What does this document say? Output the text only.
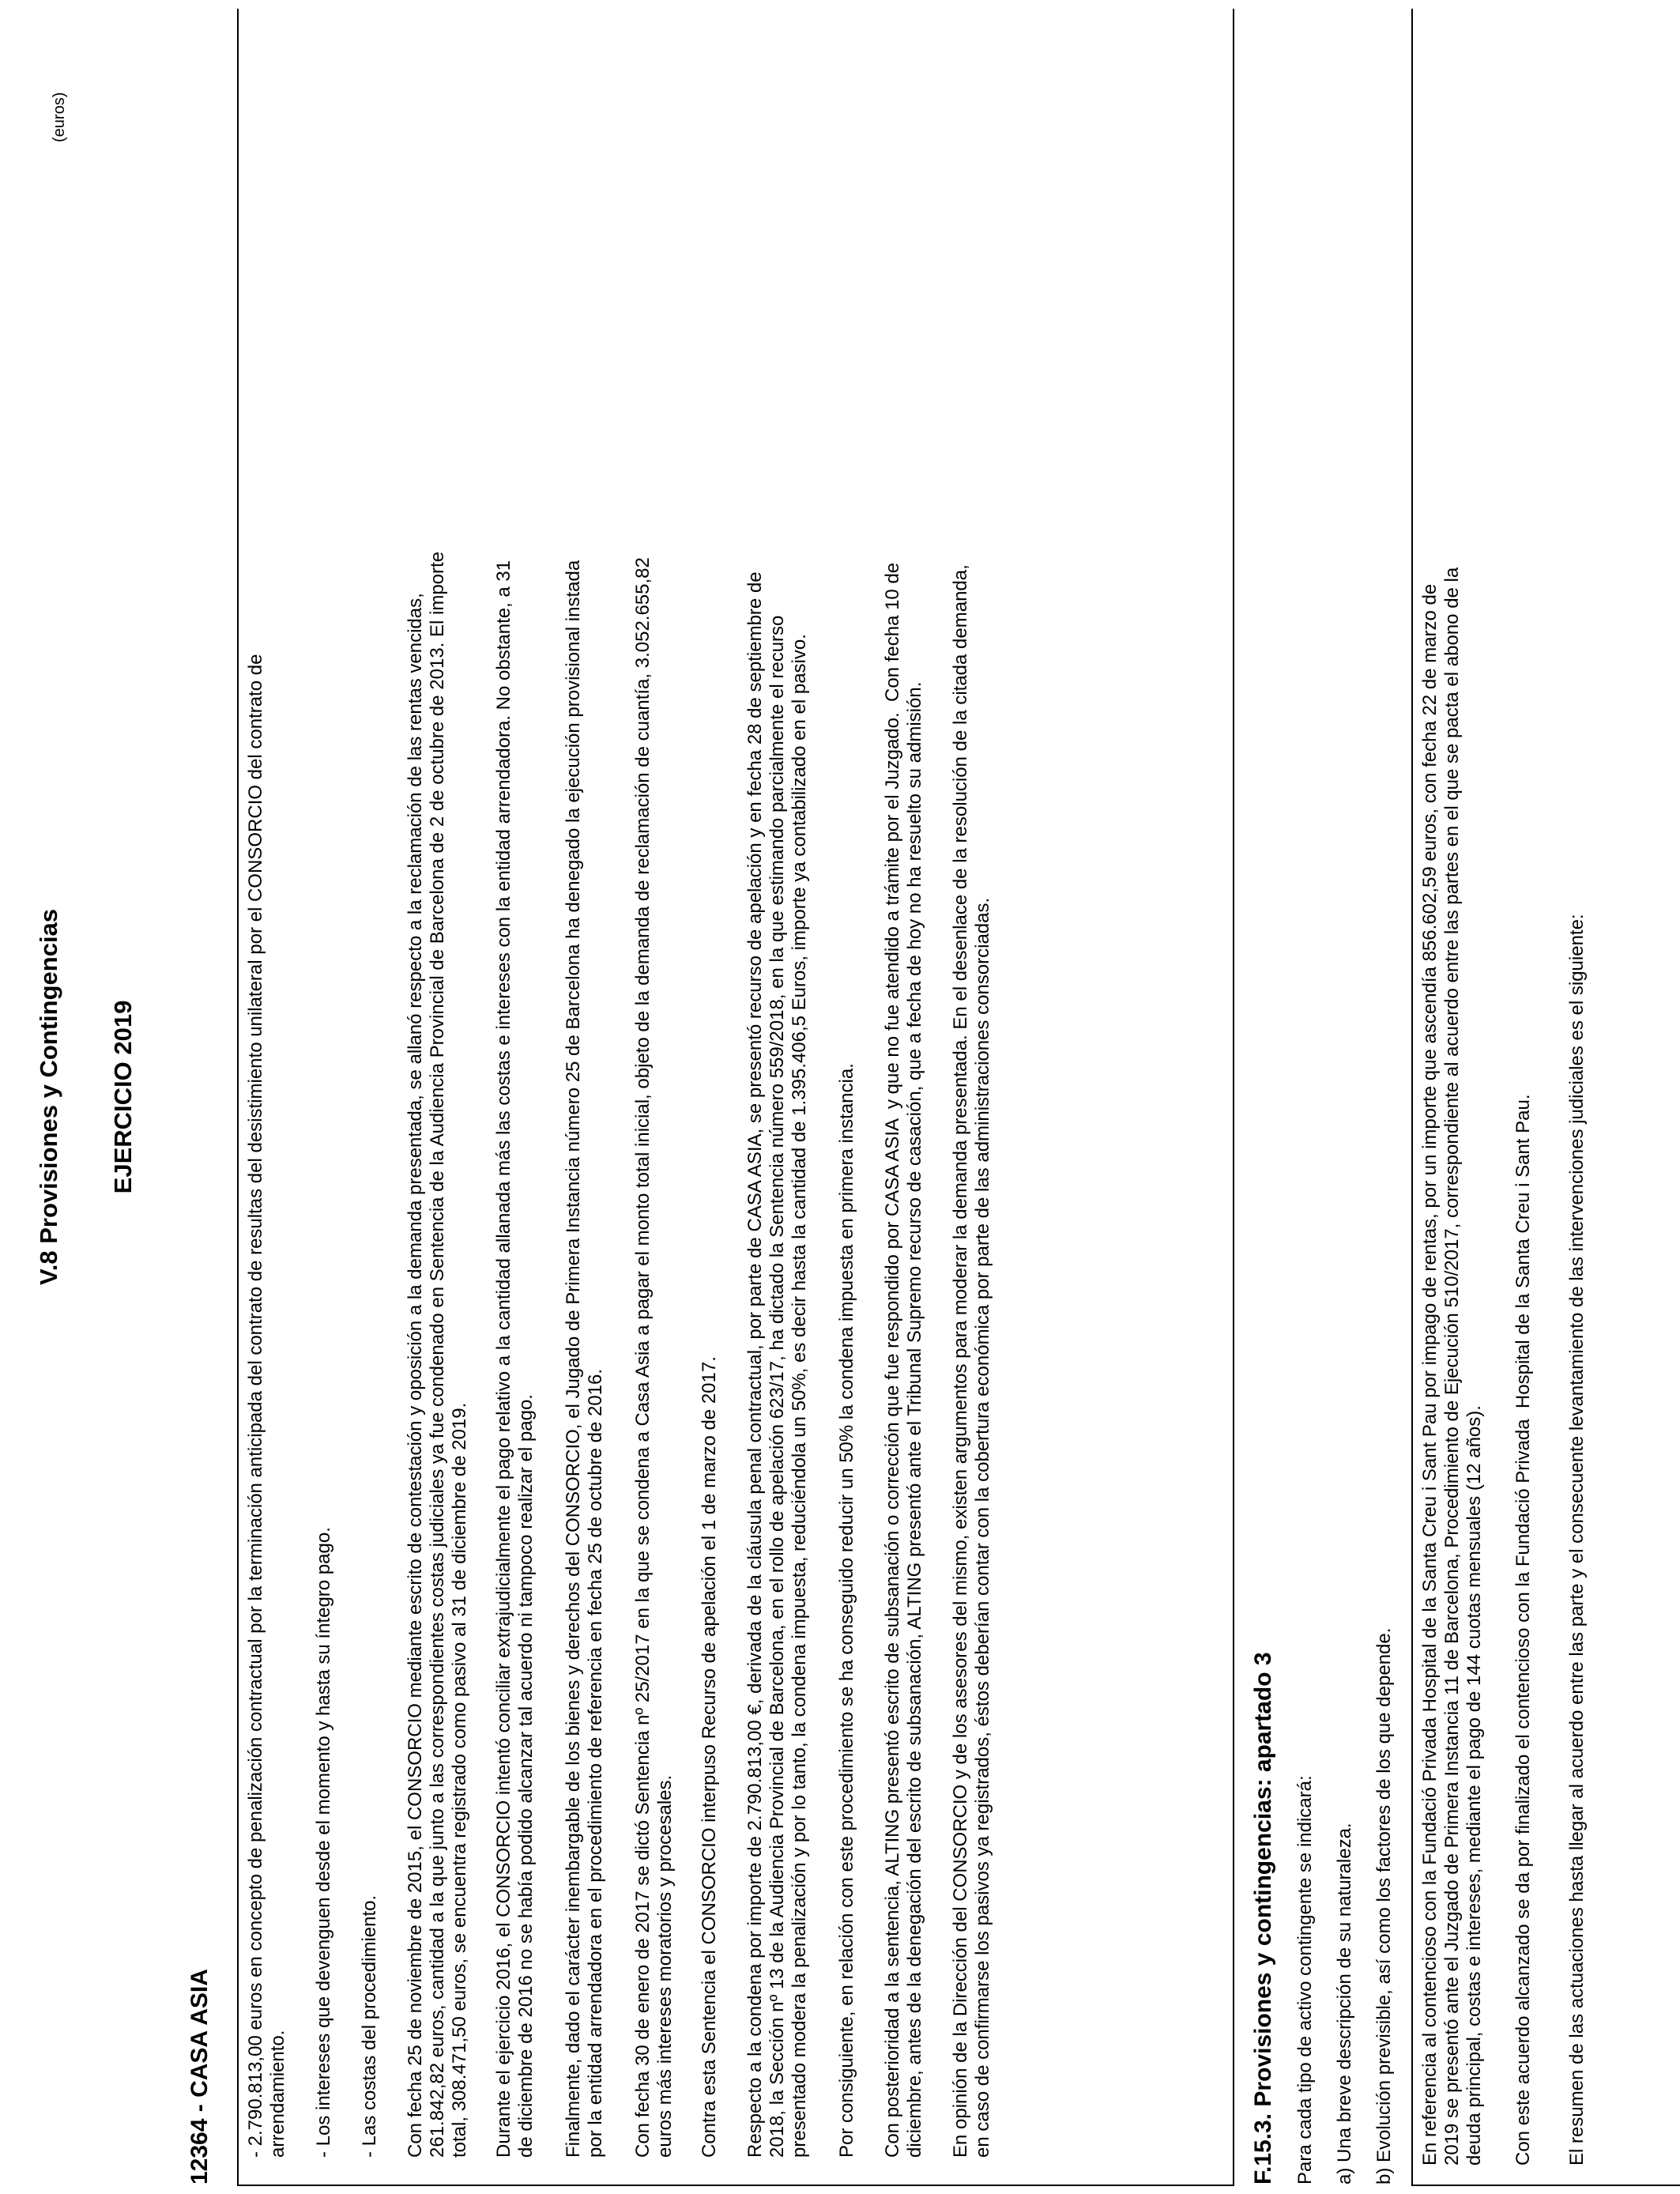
V.8 Provisiones y Contingencias EJERCICIO 2019
(euros)
12364 - CASA ASIA - 2.790.813,00 euros en concepto de penalización contractual por la terminación anticipada del contrato de resultas del desistimiento unilateral por el CONSORCIO del contrato de
arrendamiento. - Los intereses que devenguen desde el momento y hasta su íntegro pago. - Las costas del procedimiento. Con fecha 25 de noviembre de 2015, el CONSORCIO mediante escrito de contestación y oposición a la demanda presentada, se allanó respecto a la reclamación de las rentas vencidas,
261.842,82 euros, cantidad a la que junto a las correspondientes costas judiciales ya fue condenado en Sentencia de la Audiencia Provincial de Barcelona de 2 de octubre de 2013. El importe
total, 308.471,50 euros, se encuentra registrado como pasivo al 31 de diciembre de 2019. Durante el ejercicio 2016, el CONSORCIO intentó conciliar extrajudicialmente el pago relativo a la cantidad allanada más las costas e intereses con la entidad arrendadora. No obstante, a 31
de diciembre de 2016 no se había podido alcanzar tal acuerdo ni tampoco realizar el pago. Finalmente, dado el carácter inembargable de los bienes y derechos del CONSORCIO, el Jugado de Primera Instancia número 25 de Barcelona ha denegado la ejecución provisional instada
por la entidad arrendadora en el procedimiento de referencia en fecha 25 de octubre de 2016. Con fecha 30 de enero de 2017 se dictó Sentencia nº 25/2017 en la que se condena a Casa Asia a pagar el monto total inicial, objeto de la demanda de reclamación de cuantía, 3.052.655,82
euros más intereses moratorios y procesales. Contra esta Sentencia el CONSORCIO interpuso Recurso de apelación el 1 de marzo de 2017. Respecto a la condena por importe de 2.790.813,00 €, derivada de la cláusula penal contractual, por parte de CASA ASIA, se presentó recurso de apelación y en fecha 28 de septiembre de
2018, la Sección nº 13 de la Audiencia Provincial de Barcelona, en el rollo de apelación 623/17, ha dictado la Sentencia número 559/2018, en la que estimando parcialmente el recurso
presentado modera la penalización y por lo tanto, la condena impuesta, reduciéndola un 50%, es decir hasta la cantidad de 1.395.406,5 Euros, importe ya contabilizado en el pasivo. Por consiguiente, en relación con este procedimiento se ha conseguido reducir un 50% la condena impuesta en primera instancia. Con posterioridad a la sentencia, ALTING presentó escrito de subsanación o corrección que fue respondido por CASA ASIA  y que no fue atendido a trámite por el Juzgado.  Con fecha 10 de
diciembre, antes de la denegación del escrito de subsanación, ALTING presentó ante el Tribunal Supremo recurso de casación, que a fecha de hoy no ha resuelto su admisión. En opinión de la Dirección del CONSORCIO y de los asesores del mismo, existen argumentos para moderar la demanda presentada. En el desenlace de la resolución de la citada demanda,
en caso de confirmarse los pasivos ya registrados, éstos deberían contar con la cobertura económica por parte de las administraciones consorciadas.	F.15.3. Provisiones y contingencias: apartado 3 Para cada tipo de activo contingente se indicará: a) Una breve descripción de su naturaleza. b) Evolución previsible, así como los factores de los que depende. En referencia al contencioso con la Fundació Privada Hospital de la Santa Creu i Sant Pau por impago de rentas, por un importe que ascendía 856.602,59 euros, con fecha 22 de marzo de
2019 se presentó ante el Juzgado de Primera Instancia 11 de Barcelona, Procedimiento de Ejecución 510/2017, correspondiente al acuerdo entre las partes en el que se pacta el abono de la
deuda principal, costas e intereses, mediante el pago de 144 cuotas mensuales (12 años). Con este acuerdo alcanzado se da por finalizado el contencioso con la Fundació Privada  Hospital de la Santa Creu i Sant Pau. El resumen de las actuaciones hasta llegar al acuerdo entre las parte y el consecuente levantamiento de las intervenciones judiciales es el siguiente:
